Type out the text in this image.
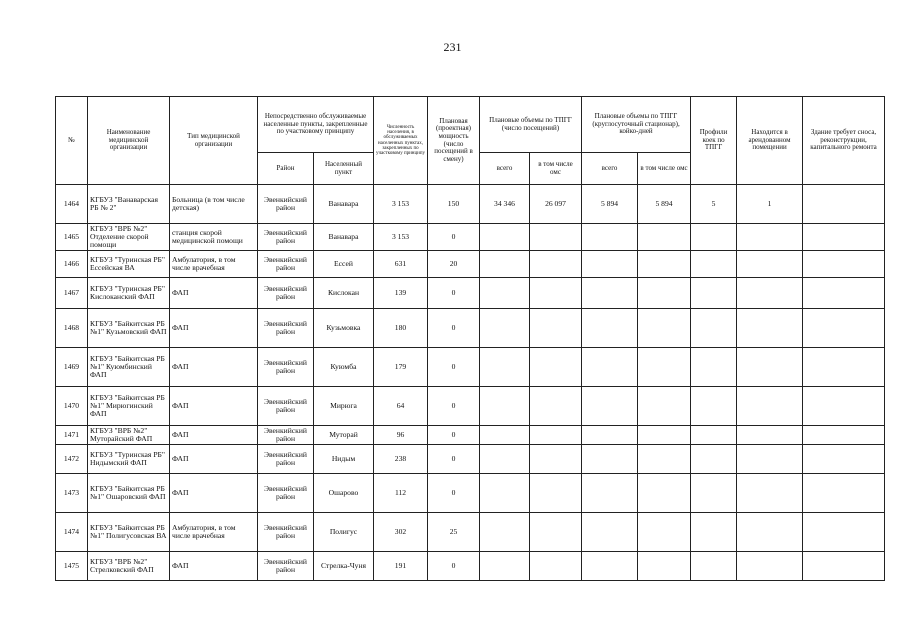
231
№	Наименование медицинской организации	Тип медицинской организации	Непосредственно обслуживаемые населенные пункты, закрепленные по участковому принципу		Численность населения, в обслуживаемых населенных пунктах, закрепленных по участковому принципу	Плановая (проектная) мощность (число посещений в смену)	Плановые объемы по ТПГГ (число посещений)		Плановые объемы по ТПГГ (круглосуточный стационар), койко-дней		Профили коек по ТПГГ	Находится в арендованном помещении	Здание требует сноса, реконструкции, капитального ремонта
			Район	Населенный пункт			всего	в том числе омс	всего	в том числе омс			
1464	КГБУЗ "Ванаварская РБ № 2"	Больница (в том числе детская)	Эвенкийский район	Ванавара	3 153	150	34 346	26 097	5 894	5 894	5	1	
1465	КГБУЗ "ВРБ №2" Отделение скорой помощи	станция скорой медицинской помощи	Эвенкийский район	Ванавара	3 153	0							
1466	КГБУЗ "Туринская РБ" Ессейская ВА	Амбулатория, в том числе врачебная	Эвенкийский район	Ессей	631	20							
1467	КГБУЗ "Туринская РБ" Кислоканский ФАП	ФАП	Эвенкийский район	Кислокан	139	0							
1468	КГБУЗ "Байкитская РБ №1" Кузьмовский ФАП	ФАП	Эвенкийский район	Кузьмовка	180	0							
1469	КГБУЗ "Байкитская РБ №1" Куюмбинский ФАП	ФАП	Эвенкийский район	Куюмба	179	0							
1470	КГБУЗ "Байкитская РБ №1" Мирюгинский ФАП	ФАП	Эвенкийский район	Мирюга	64	0							
1471	КГБУЗ "ВРБ №2" Муторайский ФАП	ФАП	Эвенкийский район	Муторай	96	0							
1472	КГБУЗ "Туринская РБ" Нидымский ФАП	ФАП	Эвенкийский район	Нидым	238	0							
1473	КГБУЗ "Байкитская РБ №1" Ошаровский ФАП	ФАП	Эвенкийский район	Ошарово	112	0							
1474	КГБУЗ "Байкитская РБ №1" Полигусовская ВА	Амбулатория, в том числе врачебная	Эвенкийский район	Полигус	302	25							
1475	КГБУЗ "ВРБ №2" Стрелковский ФАП	ФАП	Эвенкийский район	Стрелка-Чуня	191	0							
